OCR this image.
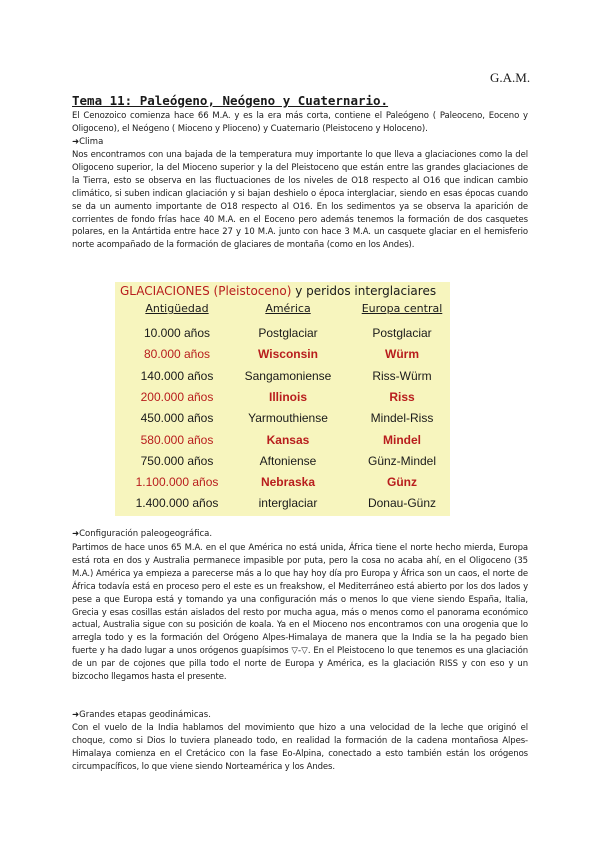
G.A.M.
Tema 11: Paleógeno, Neógeno y Cuaternario.
El Cenozoico comienza hace 66 M.A. y es la era más corta, contiene el Paleógeno ( Paleoceno, Eoceno y Oligoceno), el Neógeno ( Mioceno y Plioceno) y Cuaternario (Pleistoceno y Holoceno).
➜Clima
Nos encontramos con una bajada de la temperatura muy importante lo que lleva a glaciaciones como la del Oligoceno superior, la del Mioceno superior y la del Pleistoceno que están entre las grandes glaciaciones de la Tierra, esto se observa en las fluctuaciones de los niveles de O18 respecto al O16 que indican cambio climático, si suben indican glaciación y si bajan deshielo o época interglaciar, siendo en esas épocas cuando se da un aumento importante de O18 respecto al O16. En los sedimentos ya se observa la aparición de corrientes de fondo frías hace 40 M.A. en el Eoceno pero además tenemos la formación de dos casquetes polares, en la Antártida entre hace 27 y 10 M.A. junto con hace 3 M.A. un casquete glaciar en el hemisferio norte acompañado de la formación de glaciares de montaña (como en los Andes).
GLACIACIONES (Pleistoceno) y peridos interglaciares
Antigüedad	América	Europa central
10.000 años	Postglaciar	Postglaciar
80.000 años	Wisconsin	Würm
140.000 años	Sangamoniense	Riss-Würm
200.000 años	Illinois	Riss
450.000 años	Yarmouthiense	Mindel-Riss
580.000 años	Kansas	Mindel
750.000 años	Aftoniense	Günz-Mindel
1.100.000 años	Nebraska	Günz
1.400.000 años	interglaciar	Donau-Günz
➜Configuración paleogeográfica.
Partimos de hace unos 65 M.A. en el que América no está unida, África tiene el norte hecho mierda, Europa está rota en dos y Australia permanece impasible por puta, pero la cosa no acaba ahí, en el Oligoceno (35 M.A.) América ya empieza a parecerse más a lo que hay hoy día pro Europa y África son un caos, el norte de África todavía está en proceso pero el este es un freakshow, el Mediterráneo está abierto por los dos lados y pese a que Europa está y tomando ya una configuración más o menos lo que viene siendo España, Italia, Grecia y esas cosillas están aislados del resto por mucha agua, más o menos como el panorama económico actual, Australia sigue con su posición de koala. Ya en el Mioceno nos encontramos con una orogenia que lo arregla todo y es la formación del Orógeno Alpes-Himalaya de manera que la India se la ha pegado bien fuerte y ha dado lugar a unos orógenos guapísimos ▽-▽. En el Pleistoceno lo que tenemos es una glaciación de un par de cojones que pilla todo el norte de Europa y América, es la glaciación RISS y con eso y un bizcocho llegamos hasta el presente.
➜Grandes etapas geodinámicas.
Con el vuelo de la India hablamos del movimiento que hizo a una velocidad de la leche que originó el choque, como si Dios lo tuviera planeado todo, en realidad la formación de la cadena montañosa Alpes-Himalaya comienza en el Cretácico con la fase Eo-Alpina, conectado a esto también están los orógenos circumpacíficos, lo que viene siendo Norteamérica y los Andes.
